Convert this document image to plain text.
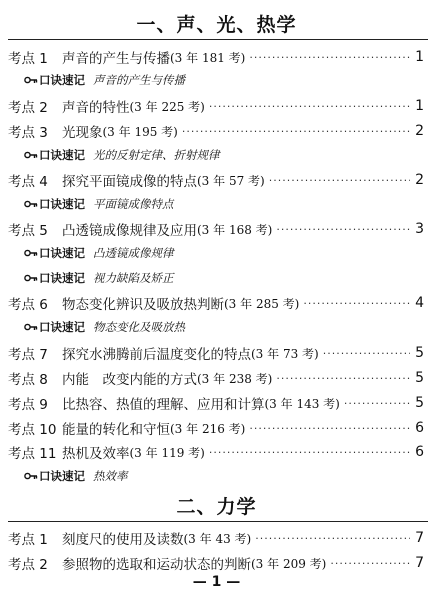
一、声、光、热学
考点 1	声音的产生与传播 (3 年 181 考) ·····	1
口诀速记 声音的产生与传播
考点 2	声音的特性 (3 年 225 考) ·····	1
考点 3	光现象 (3 年 195 考) ·····	2
口诀速记 光的反射定律、折射规律
考点 4	探究平面镜成像的特点 (3 年 57 考) ·····	2
口诀速记 平面镜成像特点
考点 5	凸透镜成像规律及应用 (3 年 168 考) ·····	3
口诀速记 凸透镜成像规律
口诀速记 视力缺陷及矫正
考点 6	物态变化辨识及吸放热判断 (3 年 285 考) ·····	4
口诀速记 物态变化及吸放热
考点 7	探究水沸腾前后温度变化的特点 (3 年 73 考) ·····	5
考点 8	内能　改变内能的方式 (3 年 238 考) ·····	5
考点 9	比热容、热值的理解、应用和计算 (3 年 143 考) ·····	5
考点 10 能量的转化和守恒 (3 年 216 考) ·····	6
考点 11 热机及效率 (3 年 119 考) ·····	6
口诀速记 热效率
二、力学
考点 1	刻度尺的使用及读数 (3 年 43 考) ·····	7
考点 2	参照物的选取和运动状态的判断 (3 年 209 考) ·····	7
— 1 —
